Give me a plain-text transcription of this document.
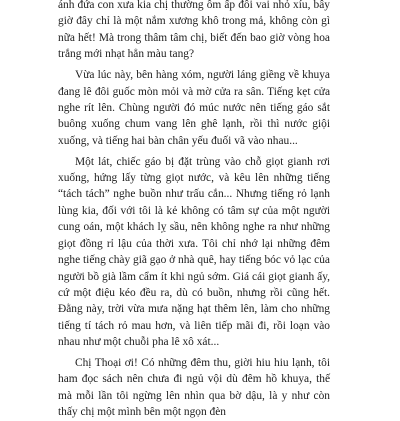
ánh đứa con xưa kia chị thường ôm ấp đôi vai nhỏ xíu, bây giờ đây chỉ là một nắm xương khô trong mả, không còn gì nữa hết! Mà trong thâm tâm chị, biết đến bao giờ vòng hoa trắng mới nhạt hẳn màu tang?

Vừa lúc này, bên hàng xóm, người láng giềng về khuya đang lê đôi guốc mòn mỏi và mờ cửa ra sân. Tiếng kẹt cửa nghe rít lên. Chùng người đó múc nước nên tiếng gáo sắt buông xuống chum vang lên ghê lạnh, rồi thì nước giội xuống, và tiếng hai bàn chân yếu đuối vã vào nhau...

Một lát, chiếc gáo bị đặt trùng vào chỗ giọt gianh rơi xuống, hứng lấy từng giọt nước, và kêu lên những tiếng “tách tách” nghe buồn như trấu cắn... Nhưng tiếng rỏ lạnh lùng kia, đối với tôi là kẻ không có tâm sự của một người cung oán, một khách lỵ sầu, nên không nghe ra như những giọt đồng rỉ lậu của thời xưa. Tôi chỉ nhớ lại những đêm nghe tiếng chày giã gạo ở nhà quê, hay tiếng bóc vỏ lạc của người bồ già lầm cẩm ít khi ngủ sớm. Giá cái giọt gianh ấy, cứ một điệu kéo đều ra, dù có buồn, nhưng rồi cũng hết. Đằng này, trời vừa mưa nặng hạt thêm lên, làm cho những tiếng tí tách rỏ mau hơn, và liên tiếp mãi đi, rồi loạn vào nhau như một chuỗi pha lê xô xát...

Chị Thoại ơi! Có những đêm thu, giời hiu hiu lạnh, tôi ham đọc sách nên chưa đi ngủ vội dù đêm hồ khuya, thế mà mỗi lần tôi ngừng lên nhìn qua bờ dậu, là y như còn thấy chị một mình bên một ngọn đèn
